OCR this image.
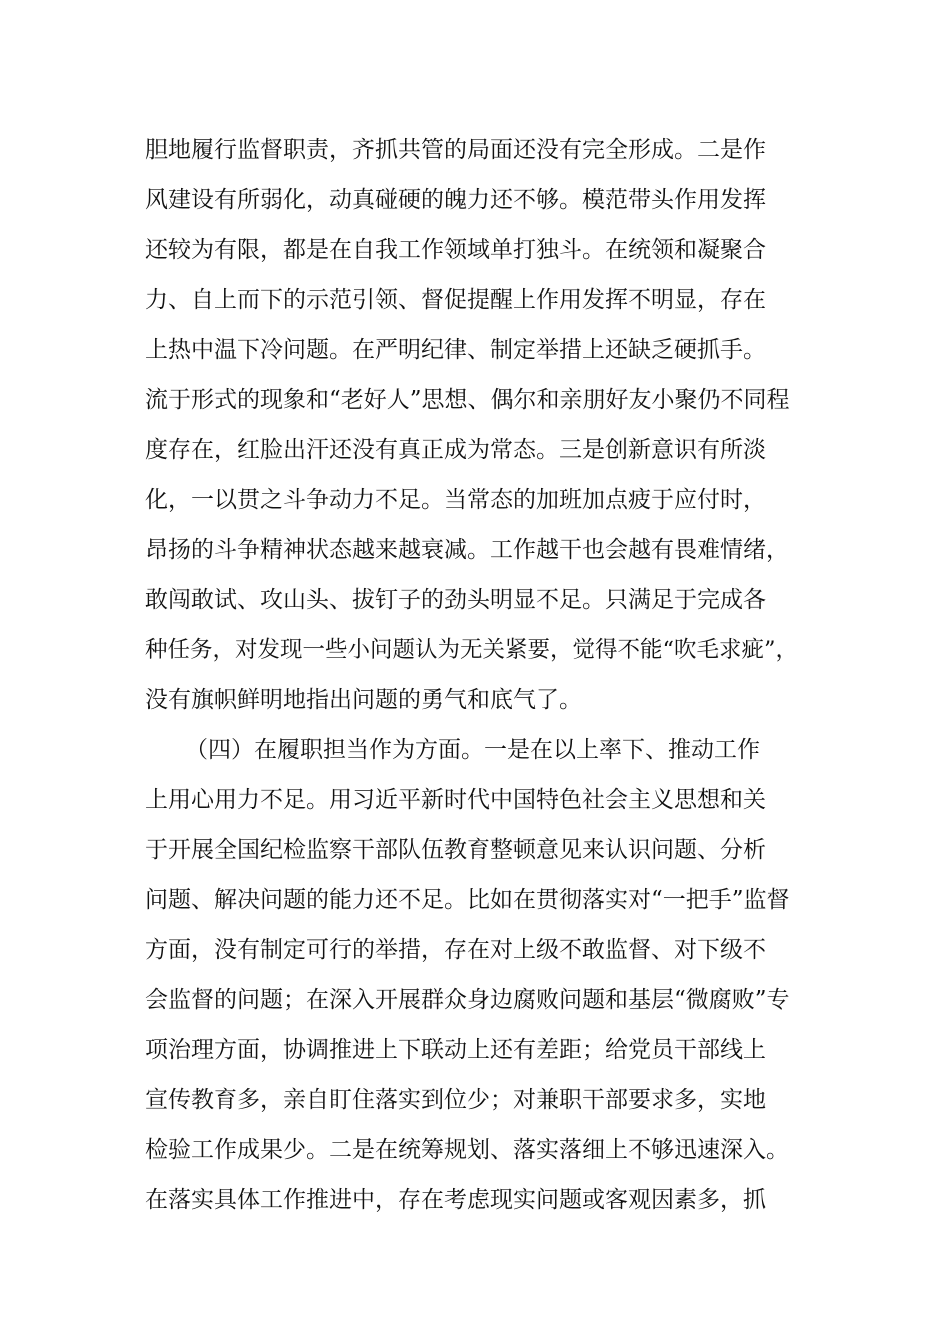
胆地履行监督职责，齐抓共管的局面还没有完全形成。二是作
风建设有所弱化，动真碰硬的魄力还不够。模范带头作用发挥
还较为有限，都是在自我工作领域单打独斗。在统领和凝聚合
力、自上而下的示范引领、督促提醒上作用发挥不明显，存在
上热中温下冷问题。在严明纪律、制定举措上还缺乏硬抓手。
流于形式的现象和“老好人”思想、偶尔和亲朋好友小聚仍不同程
度存在，红脸出汗还没有真正成为常态。三是创新意识有所淡
化，一以贯之斗争动力不足。当常态的加班加点疲于应付时，
昂扬的斗争精神状态越来越衰减。工作越干也会越有畏难情绪，
敢闯敢试、攻山头、拔钉子的劲头明显不足。只满足于完成各
种任务，对发现一些小问题认为无关紧要，觉得不能“吹毛求疵”，
没有旗帜鲜明地指出问题的勇气和底气了。
（四）在履职担当作为方面。一是在以上率下、推动工作
上用心用力不足。用习近平新时代中国特色社会主义思想和关
于开展全国纪检监察干部队伍教育整顿意见来认识问题、分析
问题、解决问题的能力还不足。比如在贯彻落实对“一把手”监督
方面，没有制定可行的举措，存在对上级不敢监督、对下级不
会监督的问题；在深入开展群众身边腐败问题和基层“微腐败”专
项治理方面，协调推进上下联动上还有差距；给党员干部线上
宣传教育多，亲自盯住落实到位少；对兼职干部要求多，实地
检验工作成果少。二是在统筹规划、落实落细上不够迅速深入。
在落实具体工作推进中，存在考虑现实问题或客观因素多，抓
